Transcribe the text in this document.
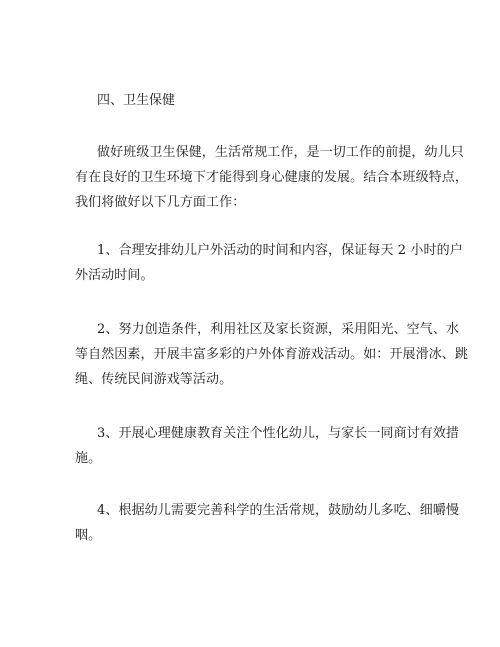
四、卫生保健
做好班级卫生保健，生活常规工作，是一切工作的前提，幼儿只
有在良好的卫生环境下才能得到身心健康的发展。结合本班级特点，
我们将做好以下几方面工作：
1、合理安排幼儿户外活动的时间和内容，保证每天 2 小时的户
外活动时间。
2、努力创造条件，利用社区及家长资源，采用阳光、空气、水
等自然因素，开展丰富多彩的户外体育游戏活动。如：开展滑冰、跳
绳、传统民间游戏等活动。
3、开展心理健康教育关注个性化幼儿，与家长一同商讨有效措
施。
4、根据幼儿需要完善科学的生活常规，鼓励幼儿多吃、细嚼慢
咽。
